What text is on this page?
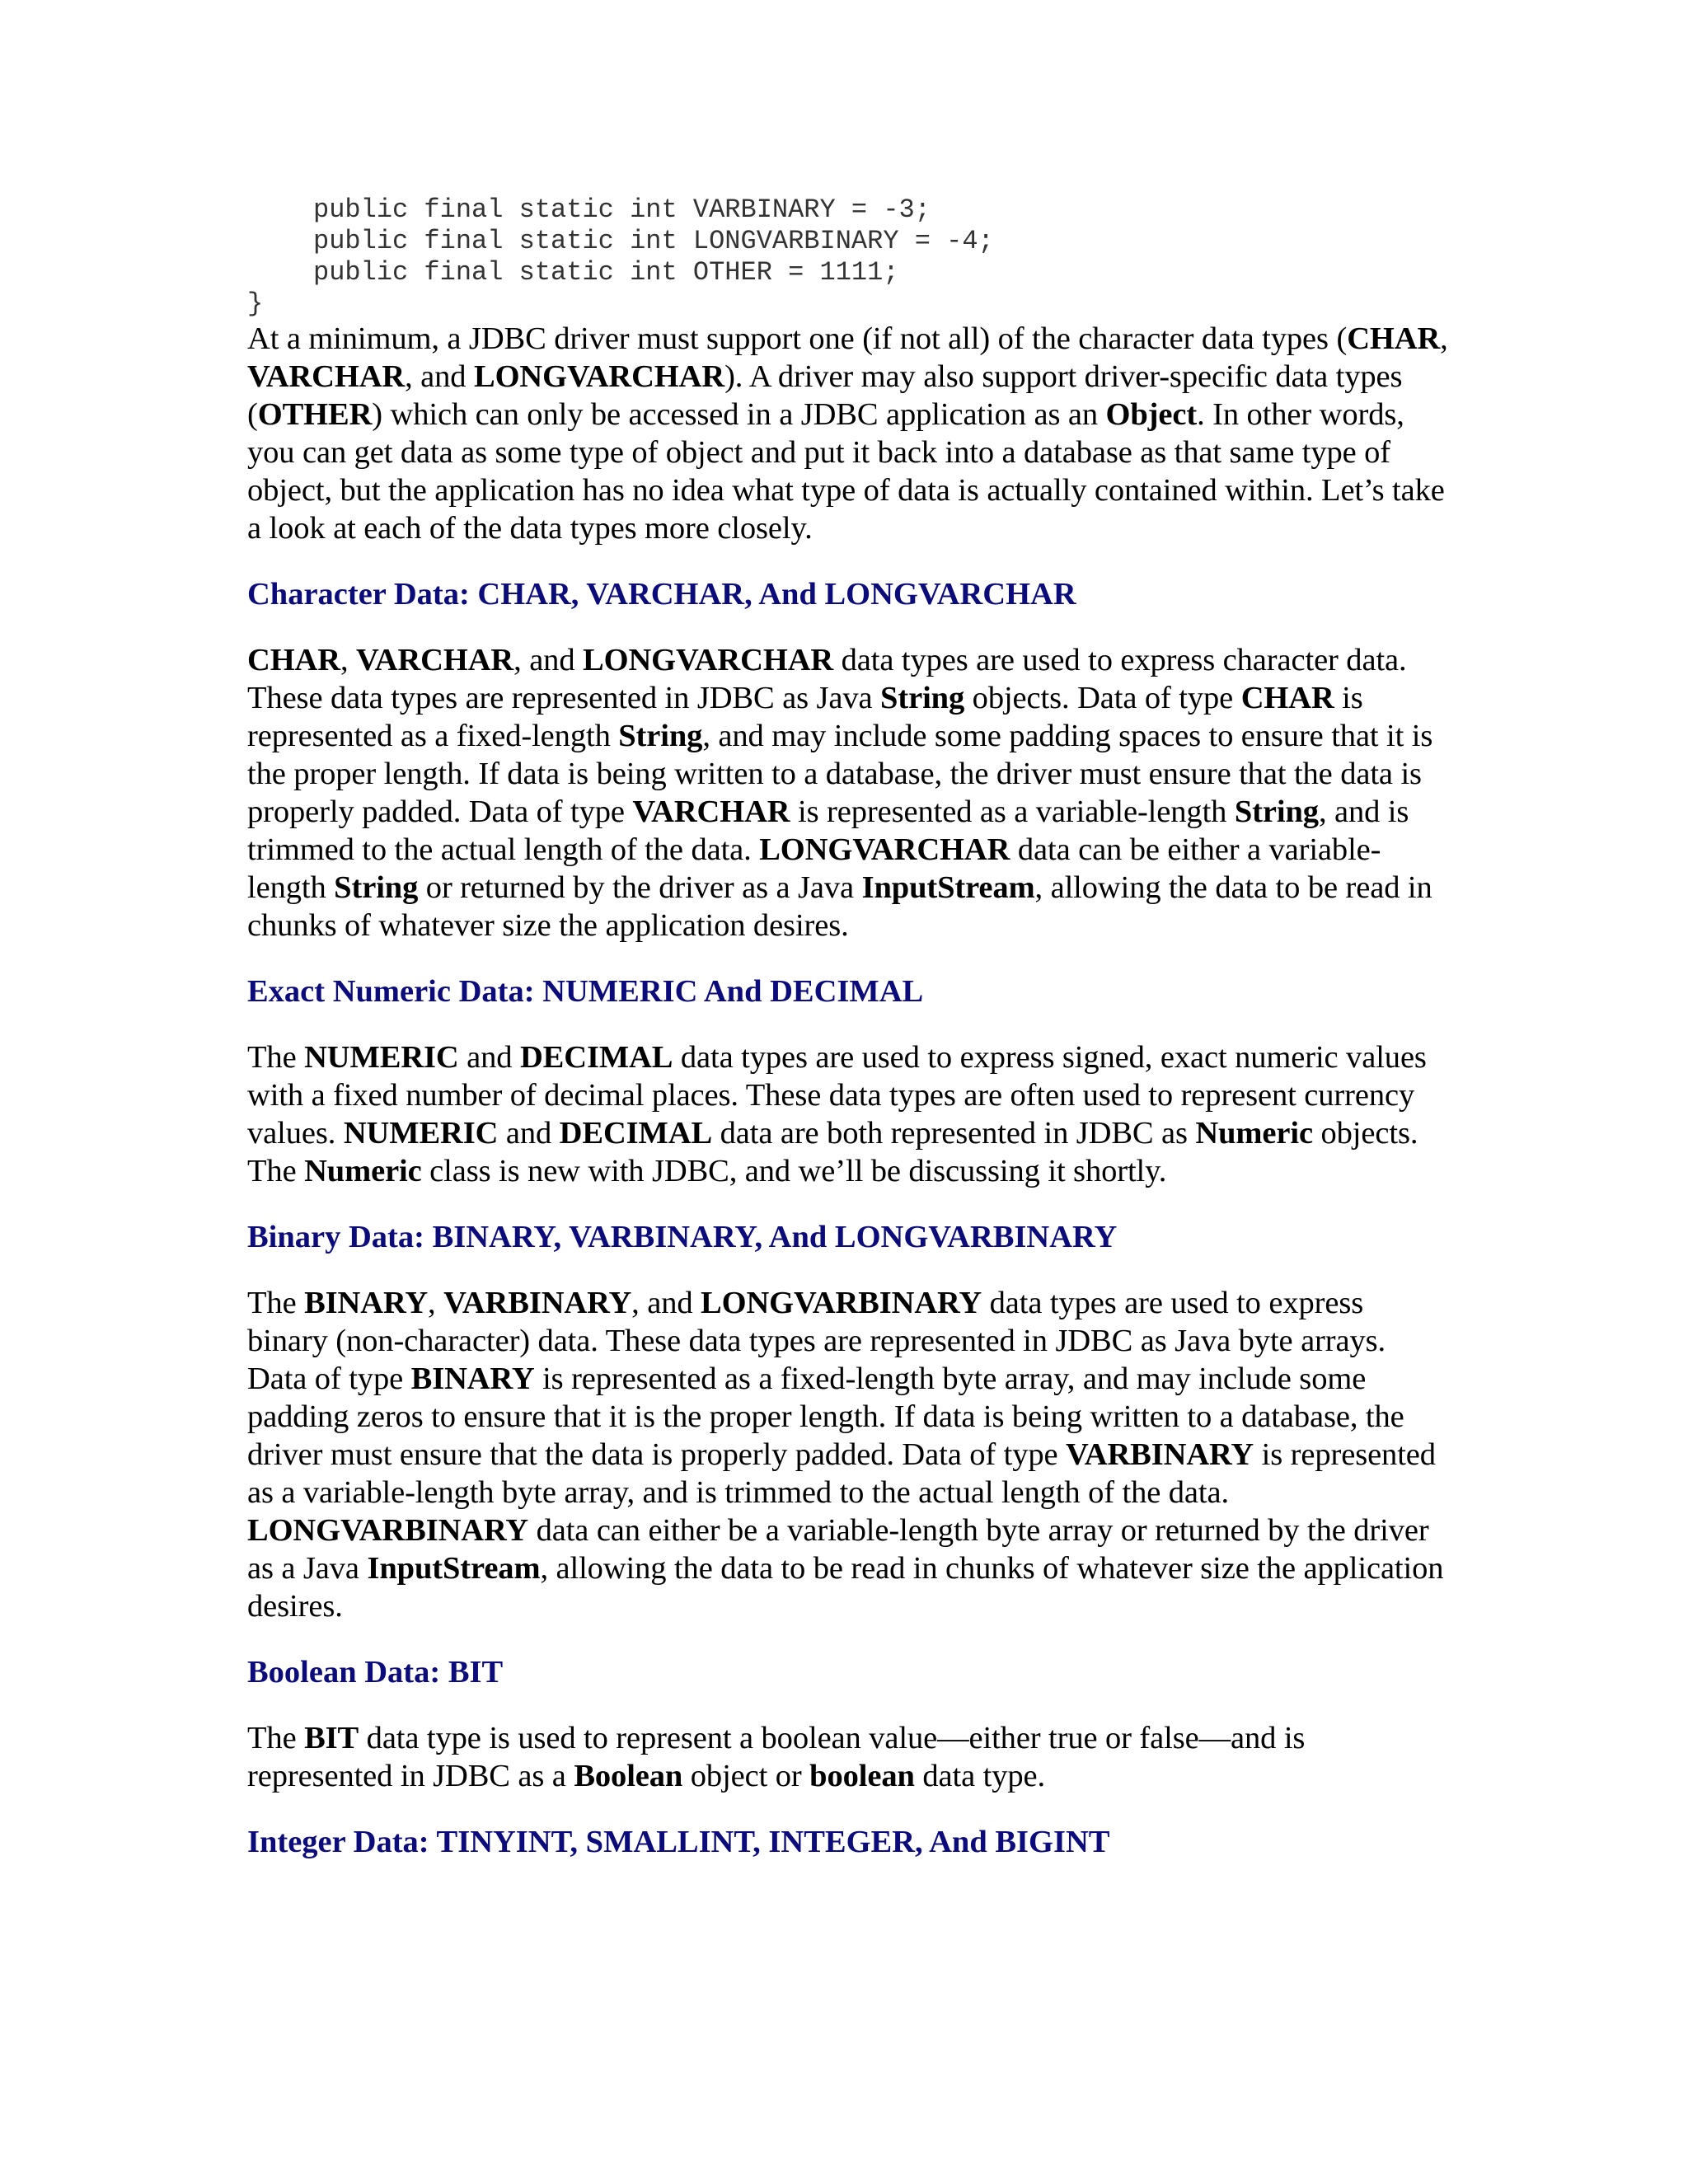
public final static int VARBINARY = -3;
public final static int LONGVARBINARY = -4;
public final static int OTHER = 1111;
}

At a minimum, a JDBC driver must support one (if not all) of the character data types (CHAR, VARCHAR, and LONGVARCHAR). A driver may also support driver-specific data types (OTHER) which can only be accessed in a JDBC application as an Object. In other words, you can get data as some type of object and put it back into a database as that same type of object, but the application has no idea what type of data is actually contained within. Let’s take a look at each of the data types more closely.

Character Data: CHAR, VARCHAR, And LONGVARCHAR

CHAR, VARCHAR, and LONGVARCHAR data types are used to express character data. These data types are represented in JDBC as Java String objects. Data of type CHAR is represented as a fixed-length String, and may include some padding spaces to ensure that it is the proper length. If data is being written to a database, the driver must ensure that the data is properly padded. Data of type VARCHAR is represented as a variable-length String, and is trimmed to the actual length of the data. LONGVARCHAR data can be either a variable-length String or returned by the driver as a Java InputStream, allowing the data to be read in chunks of whatever size the application desires.

Exact Numeric Data: NUMERIC And DECIMAL

The NUMERIC and DECIMAL data types are used to express signed, exact numeric values with a fixed number of decimal places. These data types are often used to represent currency values. NUMERIC and DECIMAL data are both represented in JDBC as Numeric objects. The Numeric class is new with JDBC, and we’ll be discussing it shortly.

Binary Data: BINARY, VARBINARY, And LONGVARBINARY

The BINARY, VARBINARY, and LONGVARBINARY data types are used to express binary (non-character) data. These data types are represented in JDBC as Java byte arrays. Data of type BINARY is represented as a fixed-length byte array, and may include some padding zeros to ensure that it is the proper length. If data is being written to a database, the driver must ensure that the data is properly padded. Data of type VARBINARY is represented as a variable-length byte array, and is trimmed to the actual length of the data. LONGVARBINARY data can either be a variable-length byte array or returned by the driver as a Java InputStream, allowing the data to be read in chunks of whatever size the application desires.

Boolean Data: BIT

The BIT data type is used to represent a boolean value—either true or false—and is represented in JDBC as a Boolean object or boolean data type.

Integer Data: TINYINT, SMALLINT, INTEGER, And BIGINT
